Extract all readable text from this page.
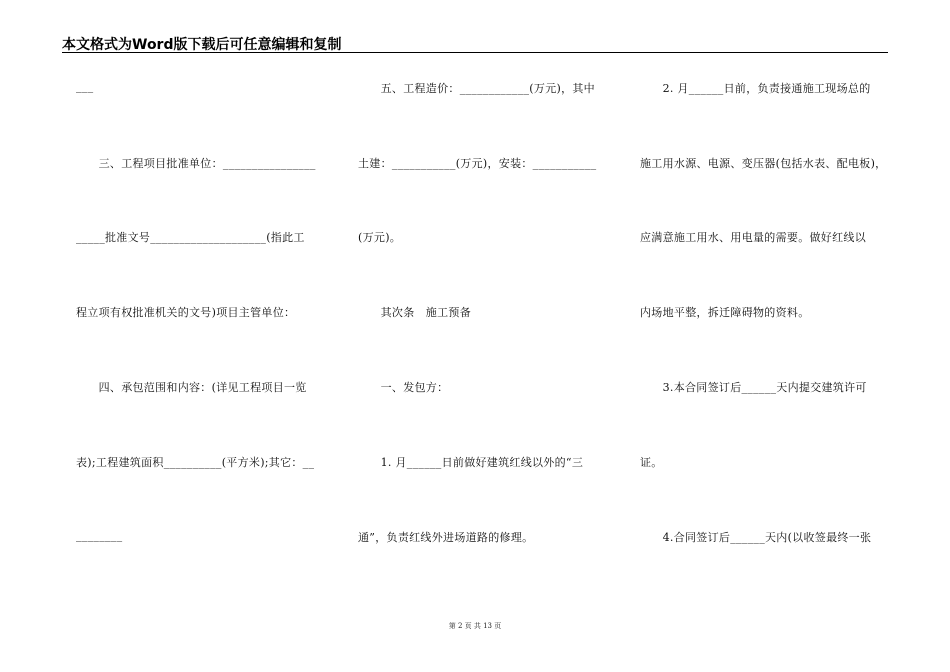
本文格式为Word版下载后可任意编辑和复制
___
　　三、工程项目批准单位：________________
_____批准文号____________________(指此工
程立项有权批准机关的文号)项目主管单位：
　　四、承包范围和内容：(详见工程项目一览
表);工程建筑面积__________(平方米);其它：__
________
　　五、工程造价：____________(万元)，其中
土建：___________(万元)，安装：___________
(万元)。
　　其次条　施工预备
　　一、发包方：
　　1. 月______日前做好建筑红线以外的“三
通”，负责红线外进场道路的修理。
　　2. 月______日前，负责接通施工现场总的
施工用水源、电源、变压器(包括水表、配电板)，
应满意施工用水、用电量的需要。做好红线以
内场地平整，拆迁障碍物的资料。
　　3.本合同签订后______天内提交建筑许可
证。
　　4.合同签订后______天内(以收签最终一张
第 2 页 共 13 页
